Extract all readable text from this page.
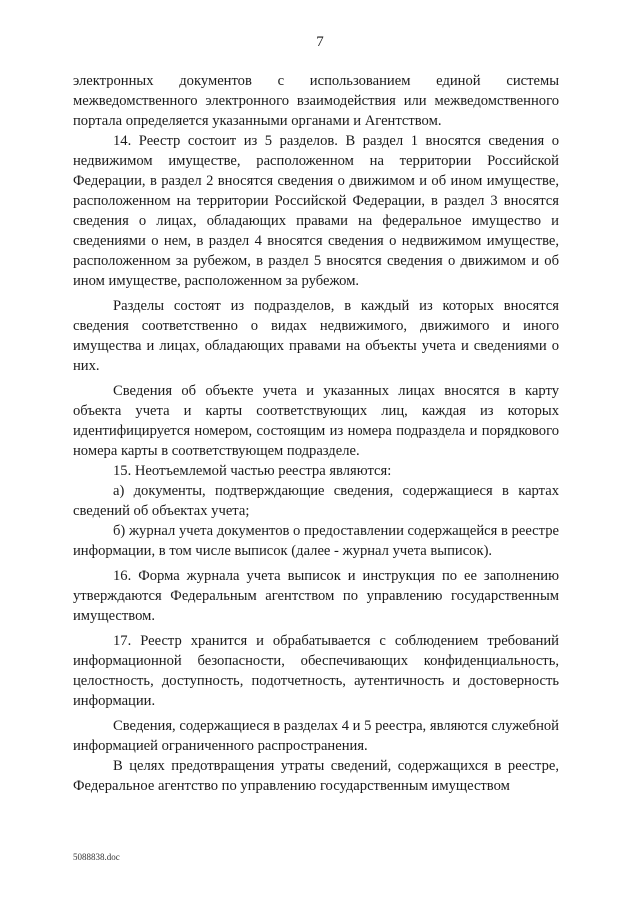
7

электронных документов с использованием единой системы межведомственного электронного взаимодействия или межведомственного портала определяется указанными органами и Агентством.

14. Реестр состоит из 5 разделов. В раздел 1 вносятся сведения о недвижимом имуществе, расположенном на территории Российской Федерации, в раздел 2 вносятся сведения о движимом и об ином имуществе, расположенном на территории Российской Федерации, в раздел 3 вносятся сведения о лицах, обладающих правами на федеральное имущество и сведениями о нем, в раздел 4 вносятся сведения о недвижимом имуществе, расположенном за рубежом, в раздел 5 вносятся сведения о движимом и об ином имуществе, расположенном за рубежом.

Разделы состоят из подразделов, в каждый из которых вносятся сведения соответственно о видах недвижимого, движимого и иного имущества и лицах, обладающих правами на объекты учета и сведениями о них.

Сведения об объекте учета и указанных лицах вносятся в карту объекта учета и карты соответствующих лиц, каждая из которых идентифицируется номером, состоящим из номера подраздела и порядкового номера карты в соответствующем подразделе.

15. Неотъемлемой частью реестра являются:

а) документы, подтверждающие сведения, содержащиеся в картах сведений об объектах учета;

б) журнал учета документов о предоставлении содержащейся в реестре информации, в том числе выписок (далее - журнал учета выписок).

16. Форма журнала учета выписок и инструкция по ее заполнению утверждаются Федеральным агентством по управлению государственным имуществом.

17. Реестр хранится и обрабатывается с соблюдением требований информационной безопасности, обеспечивающих конфиденциальность, целостность, доступность, подотчетность, аутентичность и достоверность информации.

Сведения, содержащиеся в разделах 4 и 5 реестра, являются служебной информацией ограниченного распространения.

В целях предотвращения утраты сведений, содержащихся в реестре, Федеральное агентство по управлению государственным имуществом

5088838.doc
